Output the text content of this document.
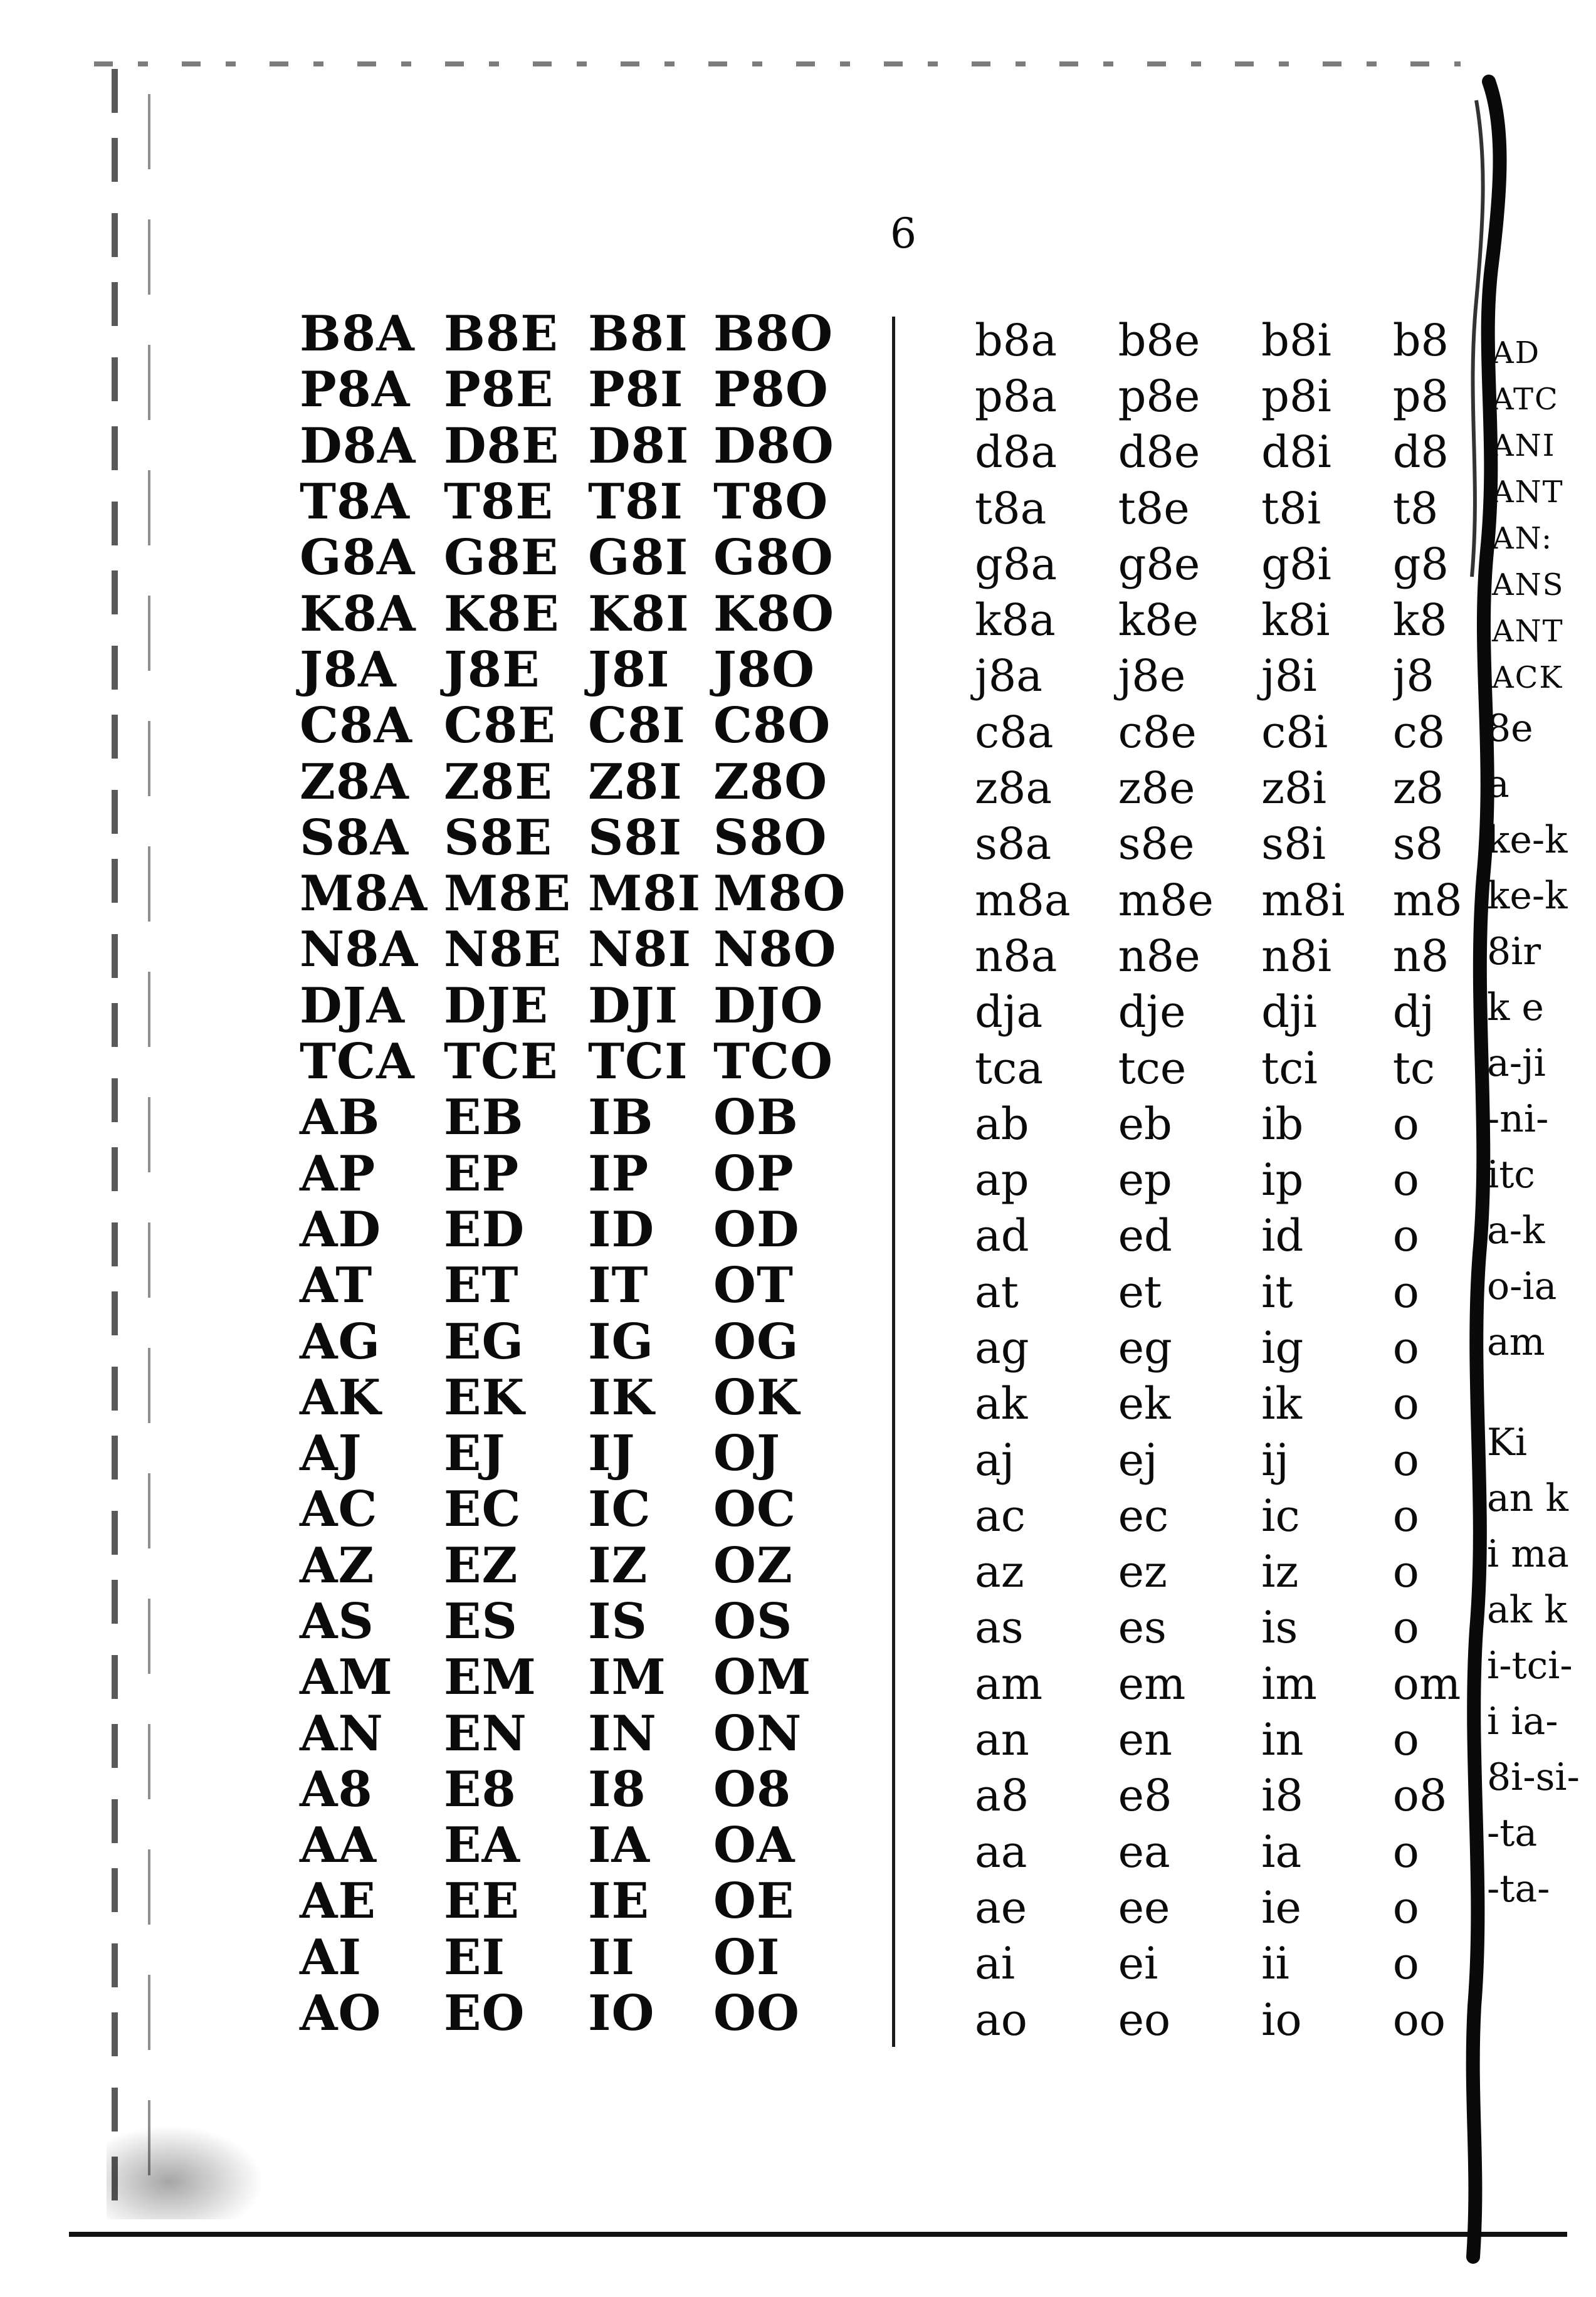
6
B8A B8E B8I B8O
P8A P8E P8I P8O
D8A D8E D8I D8O
T8A T8E T8I T8O
G8A G8E G8I G8O
K8A K8E K8I K8O
J8A J8E J8I J8O
C8A C8E C8I C8O
Z8A Z8E Z8I Z8O
S8A S8E S8I S8O
M8A M8E M8I M8O
N8A N8E N8I N8O
DJA DJE DJI DJO
TCA TCE TCI TCO
AB	EB	IB	OB
AP	EP	IP	OP
AD	ED	ID	OD
AT	ET	IT	OT
AG	EG	IG	OG
AK	EK	IK	OK
AJ	EJ	IJ	OJ
AC	EC	IC	OC
AZ	EZ	IZ	OZ
AS	ES	IS	OS
AM	EM	IM OM
AN	EN	IN	ON
A8	E8	I8	O8
AA	EA	IA	OA
AE	EE	IE	OE
AI	EI	II	OI
AO	EO	IO	OO
b8a	b8e	b8i	b8
p8a	p8e	p8i	p8
d8a	d8e	d8i	d8
t8a	t8e	t8i	t8
g8a	g8e	g8i	g8
k8a	k8e	k8i	k8
j8a	j8e	j8i	j8
c8a	c8e	c8i	c8
z8a	z8e	z8i	z8
s8a	s8e	s8i	s8
m8a	m8e	m8i	m8
n8a	n8e	n8i	n8
dja	dje	dji	dj
tca	tce	tci	tc
ab	eb	ib	o
ap	ep	ip	o
ad	ed	id	o
at	et	it	o
ag	eg	ig	o
ak	ek	ik	o
aj	ej	ij	o
ac	ec	ic	o
az	ez	iz	o
as	es	is	o
am	em	im	om
an	en	in	o
a8	e8	i8	o8
aa	ea	ia	o
ae	ee	ie	o
ai	ei	ii	o
ao	eo	io	oo
AD
ATC
ANI
ANT
AN:
ANS
ANT
ACK
8e
a
ke-k
ke-k
8ir
k e
a-ji
-ni-
itc
a-k
o-ia
am
Ki
an k
i ma
ak k
i-tci-
i ia-
8i-si-
-ta
-ta-
